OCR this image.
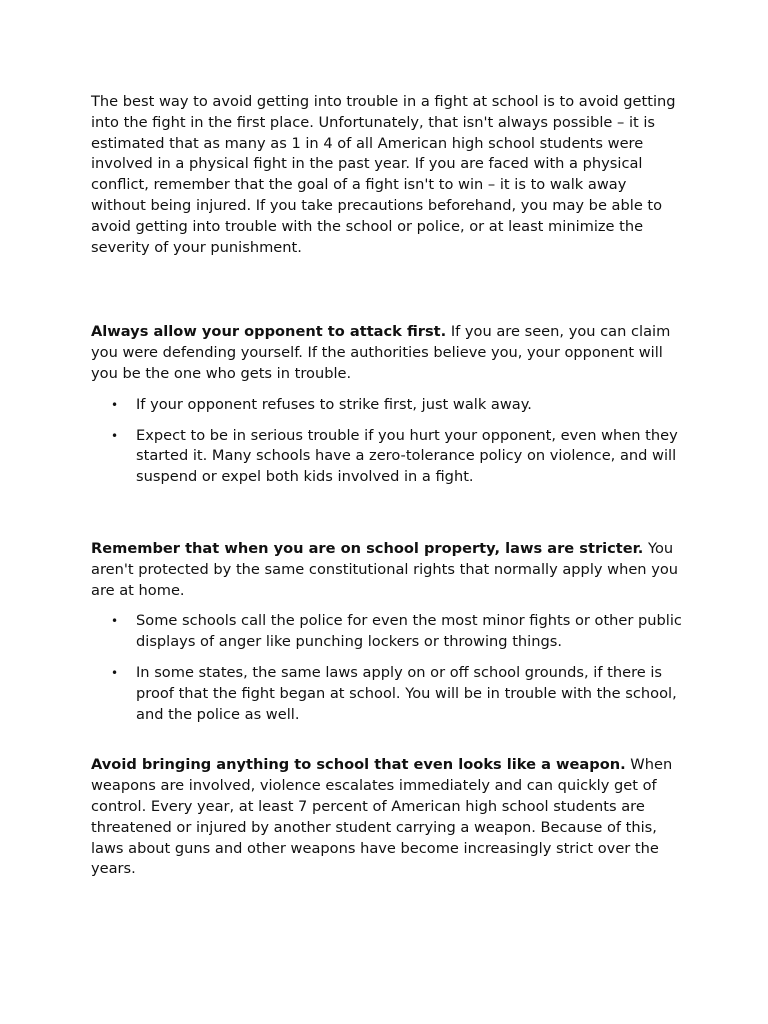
The best way to avoid getting into trouble in a fight at school is to avoid getting into the fight in the first place. Unfortunately, that isn't always possible – it is estimated that as many as 1 in 4 of all American high school students were involved in a physical fight in the past year. If you are faced with a physical conflict, remember that the goal of a fight isn't to win – it is to walk away without being injured. If you take precautions beforehand, you may be able to avoid getting into trouble with the school or police, or at least minimize the severity of your punishment.

Always allow your opponent to attack first. If you are seen, you can claim you were defending yourself. If the authorities believe you, your opponent will you be the one who gets in trouble.

• If your opponent refuses to strike first, just walk away.
• Expect to be in serious trouble if you hurt your opponent, even when they started it. Many schools have a zero-tolerance policy on violence, and will suspend or expel both kids involved in a fight.

Remember that when you are on school property, laws are stricter. You aren't protected by the same constitutional rights that normally apply when you are at home.

• Some schools call the police for even the most minor fights or other public displays of anger like punching lockers or throwing things.
• In some states, the same laws apply on or off school grounds, if there is proof that the fight began at school. You will be in trouble with the school, and the police as well.

Avoid bringing anything to school that even looks like a weapon. When weapons are involved, violence escalates immediately and can quickly get of control. Every year, at least 7 percent of American high school students are threatened or injured by another student carrying a weapon. Because of this, laws about guns and other weapons have become increasingly strict over the years.
